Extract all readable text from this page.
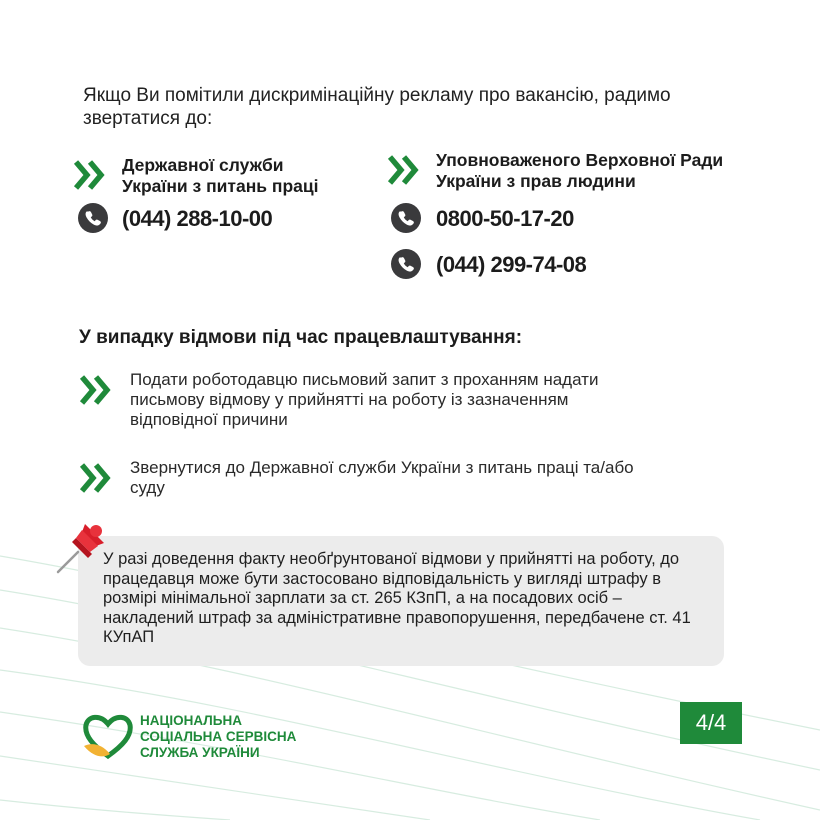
Якщо Ви помітили дискримінаційну рекламу про вакансію, радимо звертатися до:
Державної служби
України з питань праці
(044) 288-10-00
Уповноваженого Верховної Ради
України з прав людини
0800-50-17-20
(044) 299-74-08
У випадку відмови під час працевлаштування:
Подати роботодавцю письмовий запит з проханням надати письмову відмову у прийнятті на роботу із зазначенням відповідної причини
Звернутися до Державної служби України з питань праці та/або суду
У разі доведення факту необґрунтованої відмови у прийнятті на роботу, до працедавця може бути застосовано відповідальність у вигляді штрафу в розмірі мінімальної зарплати за ст. 265 КЗпП, а на посадових осіб – накладений штраф за адміністративне правопорушення, передбачене ст. 41 КУпАП
НАЦІОНАЛЬНА
СОЦІАЛЬНА СЕРВІСНА
СЛУЖБА УКРАЇНИ
4/4
